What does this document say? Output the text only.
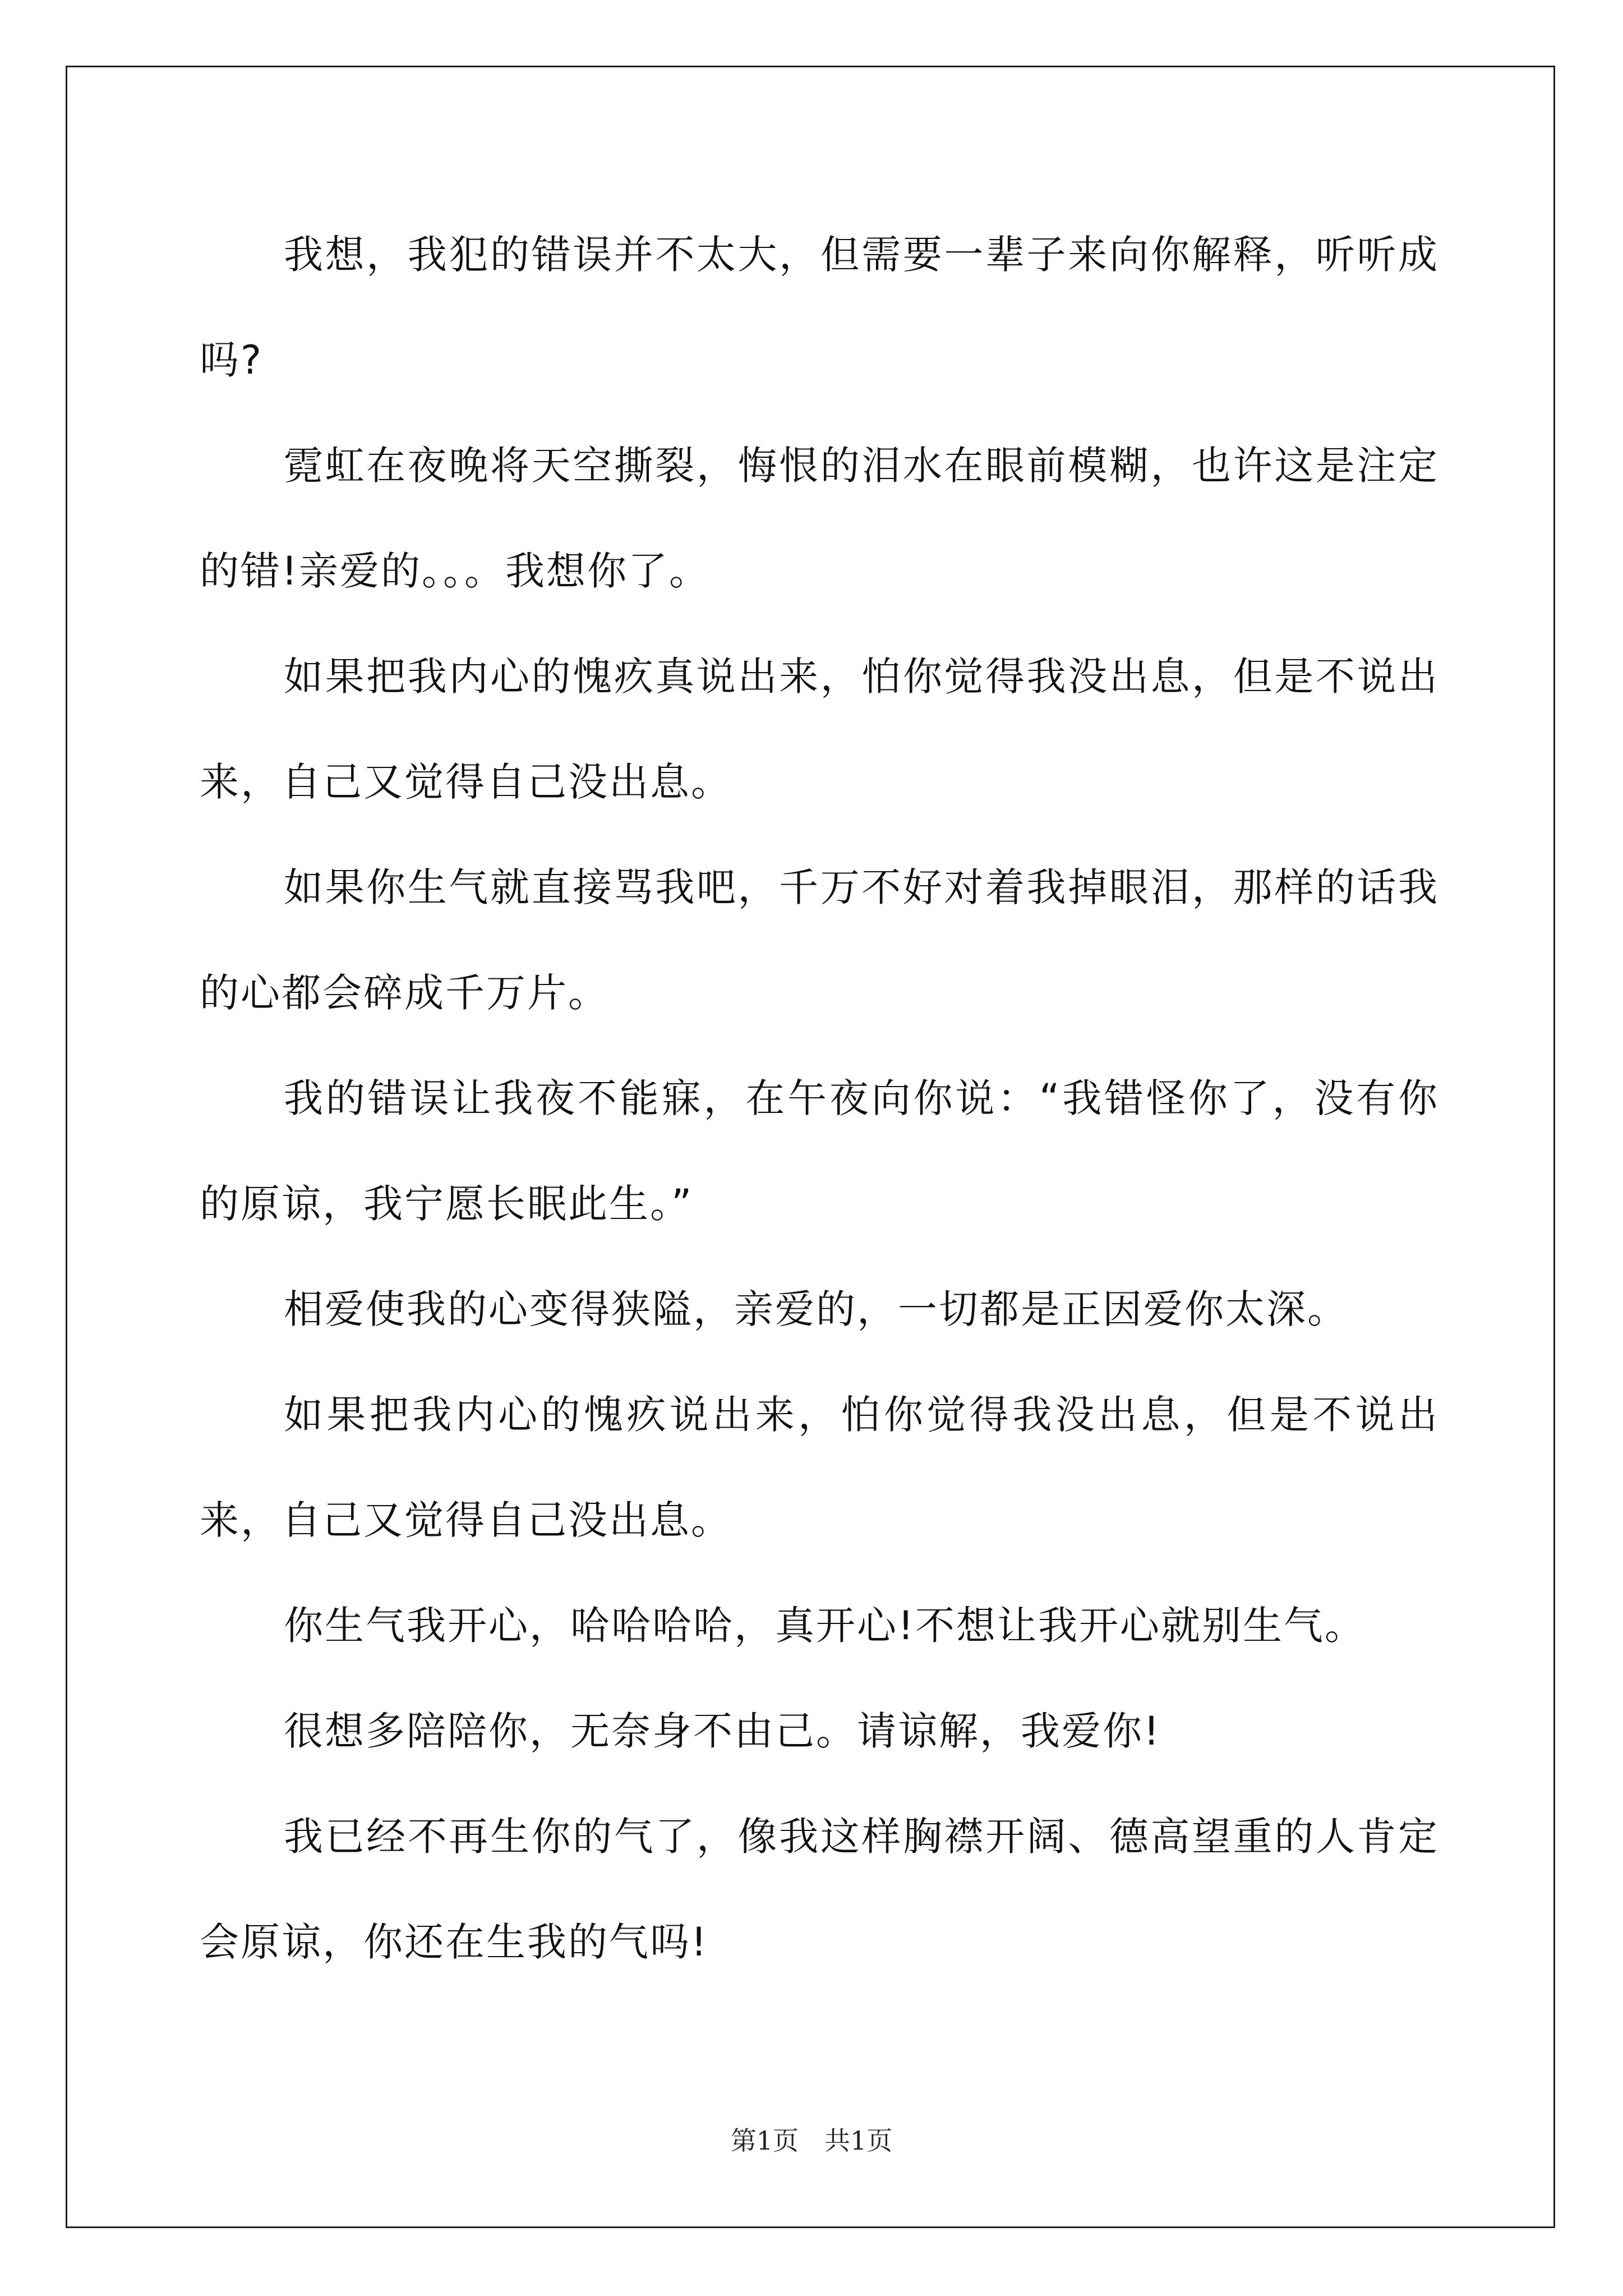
我想，我犯的错误并不太大，但需要一辈子来向你解释，听听成吗?

霓虹在夜晚将天空撕裂，悔恨的泪水在眼前模糊，也许这是注定的错!亲爱的。。。我想你了。

如果把我内心的愧疚真说出来，怕你觉得我没出息，但是不说出来，自己又觉得自己没出息。

如果你生气就直接骂我吧，千万不好对着我掉眼泪，那样的话我的心都会碎成千万片。

我的错误让我夜不能寐，在午夜向你说：“我错怪你了，没有你的原谅，我宁愿长眠此生。”

相爱使我的心变得狭隘，亲爱的，一切都是正因爱你太深。

如果把我内心的愧疚说出来，怕你觉得我没出息，但是不说出来，自己又觉得自己没出息。

你生气我开心，哈哈哈哈，真开心!不想让我开心就别生气。

很想多陪陪你，无奈身不由己。请谅解，我爱你!

我已经不再生你的气了，像我这样胸襟开阔、德高望重的人肯定会原谅，你还在生我的气吗!

第1页　共1页
